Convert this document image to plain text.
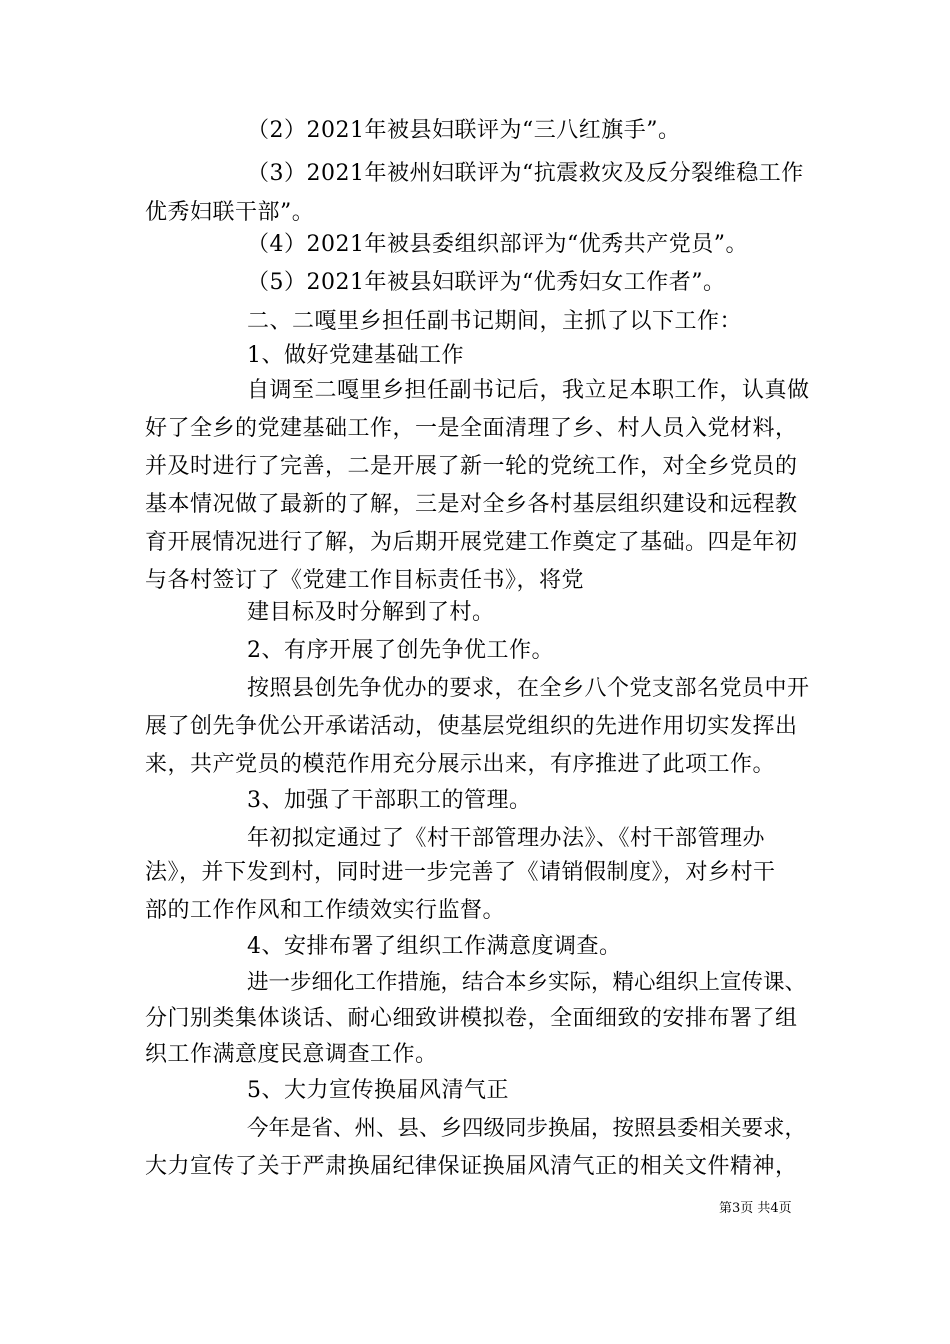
（2）2021年被县妇联评为“三八红旗手”。
（3）2021年被州妇联评为“抗震救灾及反分裂维稳工作
优秀妇联干部”。
（4）2021年被县委组织部评为“优秀共产党员”。
（5）2021年被县妇联评为“优秀妇女工作者”。
二、二嘎里乡担任副书记期间，主抓了以下工作：
1、做好党建基础工作
自调至二嘎里乡担任副书记后，我立足本职工作，认真做
好了全乡的党建基础工作，一是全面清理了乡、村人员入党材料，
并及时进行了完善，二是开展了新一轮的党统工作，对全乡党员的
基本情况做了最新的了解，三是对全乡各村基层组织建设和远程教
育开展情况进行了解，为后期开展党建工作奠定了基础。四是年初
与各村签订了《党建工作目标责任书》，将党
建目标及时分解到了村。
2、有序开展了创先争优工作。
按照县创先争优办的要求，在全乡八个党支部名党员中开
展了创先争优公开承诺活动，使基层党组织的先进作用切实发挥出
来，共产党员的模范作用充分展示出来，有序推进了此项工作。
3、加强了干部职工的管理。
年初拟定通过了《村干部管理办法》、《村干部管理办
法》，并下发到村，同时进一步完善了《请销假制度》，对乡村干
部的工作作风和工作绩效实行监督。
4、安排布署了组织工作满意度调查。
进一步细化工作措施，结合本乡实际，精心组织上宣传课、
分门别类集体谈话、耐心细致讲模拟卷，全面细致的安排布署了组
织工作满意度民意调查工作。
5、大力宣传换届风清气正
今年是省、州、县、乡四级同步换届，按照县委相关要求，
大力宣传了关于严肃换届纪律保证换届风清气正的相关文件精神，
第3页 共4页
